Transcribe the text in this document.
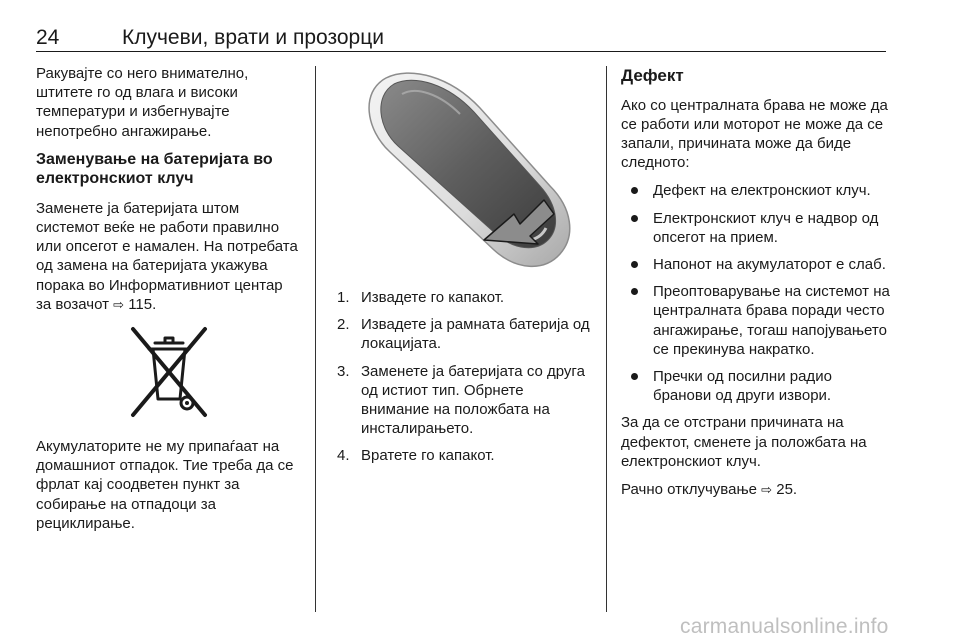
24	Клучеви, врати и прозорци

Ракувајте со него внимателно, штитете го од влага и високи температури и избегнувајте непотребно ангажирање.

Заменување на батеријата во електронскиот клуч

Заменете ја батеријата штом системот веќе не работи правилно или опсегот е намален. На потребата од замена на батеријата укажува порака во Информативниот центар за возачот ⇨ 115.

Акумулаторите не му припаѓаат на домашниот отпадок. Тие треба да се фрлат кај соодветен пункт за собирање на отпадоци за рециклирање.

1. Извадете го капакот.
2. Извадете ја рамната батерија од локацијата.
3. Заменете ја батеријата со друга од истиот тип. Обрнете внимание на положбата на инсталирањето.
4. Вратете го капакот.
Дефект

Ако со централната брава не може да се работи или моторот не може да се запали, причината може да биде следното:

Дефект на електронскиот клуч.
Електронскиот клуч е надвор од опсегот на прием.
Напонот на акумулаторот е слаб.
Преоптоварување на системот на централната брава поради често ангажирање, тогаш напојувањето се прекинува накратко.
Пречки од посилни радио бранови од други извори.

За да се отстрани причината на дефектот, сменете ја положбата на електронскиот клуч.

Рачно отклучување ⇨ 25.

carmanualsonline.info
